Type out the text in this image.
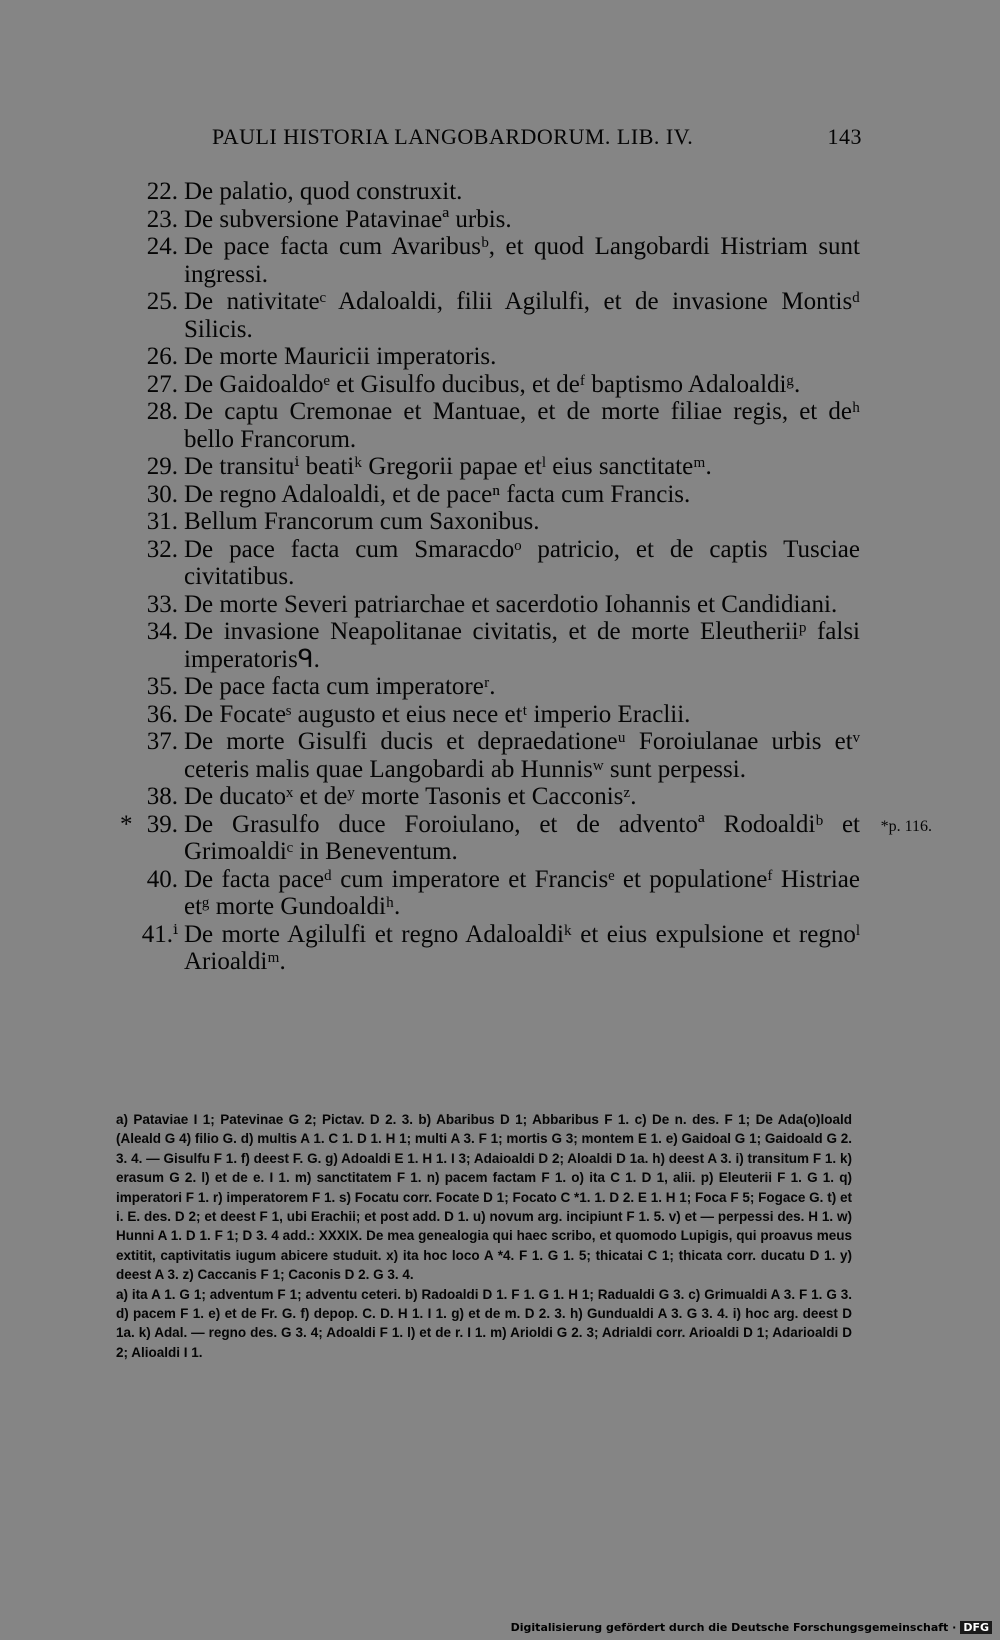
PAULI HISTORIA LANGOBARDORUM. LIB. IV.	143
22. De palatio, quod construxit.
23. De subversione Patavinaeª urbis.
24. De pace facta cum Avaribusᵇ, et quod Langobardi Histriam sunt ingressi.
25. De nativitateᶜ Adaloaldi, filii Agilulfi, et de invasione Montisᵈ Silicis.
26. De morte Mauricii imperatoris.
27. De Gaidoaldoᵉ et Gisulfo ducibus, et deᶠ baptismo Adaloaldiᵍ.
28. De captu Cremonae et Mantuae, et de morte filiae regis, et deʰ bello Francorum.
29. De transituⁱ beatiᵏ Gregorii papae etˡ eius sanctitateᵐ.
30. De regno Adaloaldi, et de paceⁿ facta cum Francis.
31. Bellum Francorum cum Saxonibus.
32. De pace facta cum Smaracdoᵒ patricio, et de captis Tusciae civitatibus.
33. De morte Severi patriarchae et sacerdotio Iohannis et Candidiani.
34. De invasione Neapolitanae civitatis, et de morte Eleutheriiᵖ falsi imperatorisᑫ.
35. De pace facta cum imperatoreʳ.
36. De Focateˢ augusto et eius nece etᵗ imperio Eraclii.
37. De morte Gisulfi ducis et depraedationeᵘ Foroiulanae urbis etᵛ ceteris malis quae Langobardi ab Hunnisʷ sunt perpessi.
38. De ducatoˣ et deʸ morte Tasonis et Cacconisᶻ.
* 39. De Grasulfo duce Foroiulano, et de adventoª Rodoaldiᵇ et Grimoaldiᶜ in Beneventum.
*p. 116.
40. De facta paceᵈ cum imperatore et Francisᵉ et populationeᶠ Histriae etᵍ morte Gundoaldiʰ.
41.ⁱ De morte Agilulfi et regno Adaloaldiᵏ et eius expulsione et regnoˡ Arioaldiᵐ.
a) Pataviae I 1; Patevinae G 2; Pictav. D 2. 3. b) Abaribus D 1; Abbaribus F 1. c) De n. des. F 1; De Ada(o)loald (Aleald G 4) filio G. d) multis A 1. C 1. D 1. H 1; multi A 3. F 1; mortis G 3; montem E 1. e) Gaidoal G 1; Gaidoald G 2. 3. 4. — Gisulfu F 1. f) deest F. G. g) Adoaldi E 1. H 1. I 3; Adaioaldi D 2; Aloaldi D 1a. h) deest A 3. i) transitum F 1. k) erasum G 2. l) et de e. I 1. m) sanctitatem F 1. n) pacem factam F 1. o) ita C 1. D 1, alii. p) Eleuterii F 1. G 1. q) imperatori F 1. r) imperatorem F 1. s) Focatu corr. Focate D 1; Focato C *1. 1. D 2. E 1. H 1; Foca F 5; Fogace G. t) et i. E. des. D 2; et deest F 1, ubi Erachii; et post add. D 1. u) novum arg. incipiunt F 1. 5. v) et — perpessi des. H 1. w) Hunni A 1. D 1. F 1; D 3. 4 add.: XXXIX. De mea genealogia qui haec scribo, et quomodo Lupigis, qui proavus meus extitit, captivitatis iugum abicere studuit. x) ita hoc loco A *4. F 1. G 1. 5; thicatai C 1; thicata corr. ducatu D 1. y) deest A 3. z) Caccanis F 1; Caconis D 2. G 3. 4.
a) ita A 1. G 1; adventum F 1; adventu ceteri. b) Radoaldi D 1. F 1. G 1. H 1; Radualdi G 3. c) Grimualdi A 3. F 1. G 3. d) pacem F 1. e) et de Fr. G. f) depop. C. D. H 1. I 1. g) et de m. D 2. 3. h) Gundualdi A 3. G 3. 4. i) hoc arg. deest D 1a. k) Adal. — regno des. G 3. 4; Adoaldi F 1. l) et de r. I 1. m) Arioldi G 2. 3; Adrialdi corr. Arioaldi D 1; Adarioaldi D 2; Alioaldi I 1.
Digitalisierung gefördert durch die Deutsche Forschungsgemeinschaft · DFG
